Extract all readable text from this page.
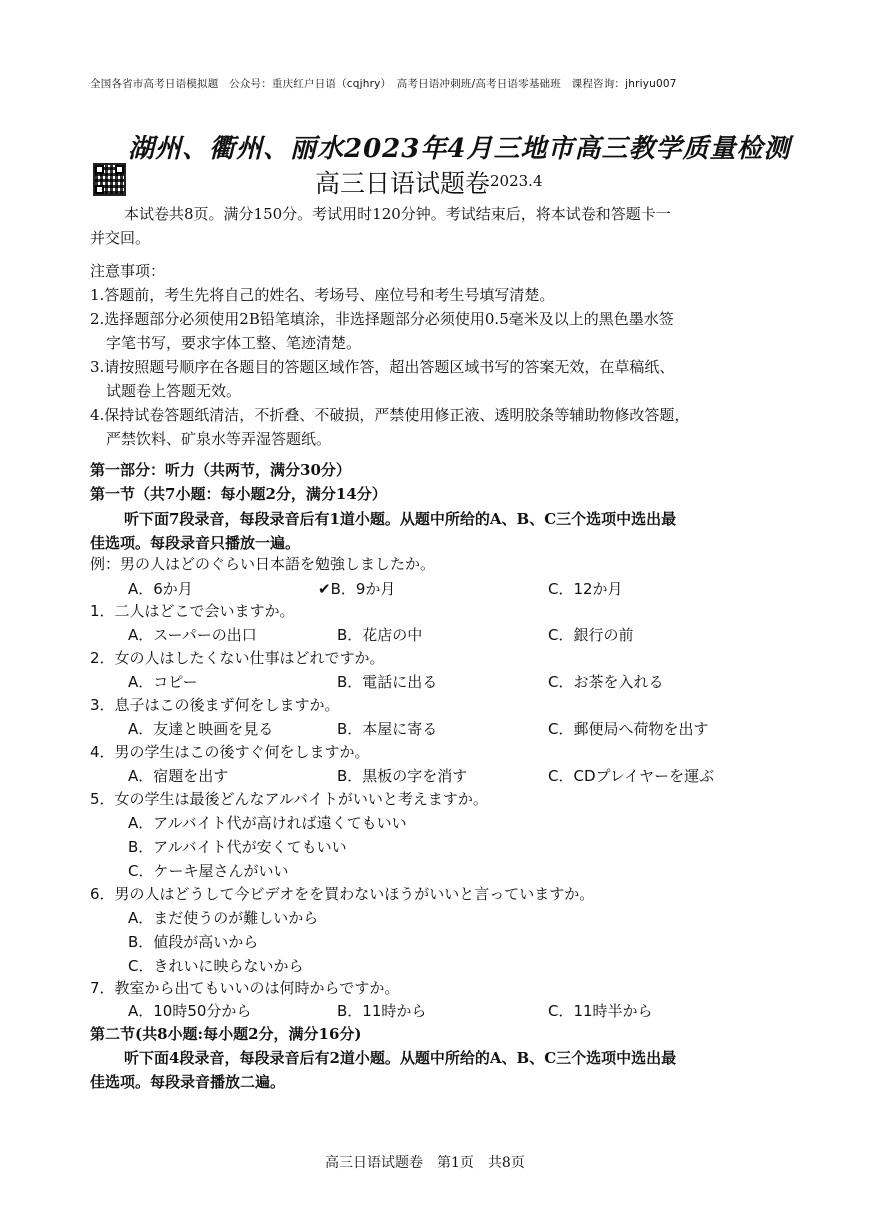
全国各省市高考日语模拟题　公众号：重庆红户日语（cqjhry）　高考日语冲刺班/高考日语零基础班　课程咨询：jhriyu007
湖州、衢州、丽水2023年4月三地市高三教学质量检测
高三日语试题卷 2023.4
本试卷共8页。满分150分。考试用时120分钟。考试结束后，将本试卷和答题卡一
并交回。
注意事项：
1.答题前，考生先将自己的姓名、考场号、座位号和考生号填写清楚。
2.选择题部分必须使用2B铅笔填涂，非选择题部分必须使用0.5毫米及以上的黑色墨水签
字笔书写，要求字体工整、笔迹清楚。
3.请按照题号顺序在各题目的答题区域作答，超出答题区域书写的答案无效，在草稿纸、
试题卷上答题无效。
4.保持试卷答题纸清洁，不折叠、不破损，严禁使用修正液、透明胶条等辅助物修改答题，
严禁饮料、矿泉水等弄湿答题纸。
第一部分：听力（共两节，满分30分）
第一节（共7小题：每小题2分，满分14分）
听下面7段录音，每段录音后有1道小题。从题中所给的A、B、C三个选项中选出最
佳选项。每段录音只播放一遍。
例：男の人はどのぐらい日本語を勉強しましたか。
A．6か月	✔B．9か月	C．12か月
1．二人はどこで会いますか。
A．スーパーの出口	B．花店の中	C．銀行の前
2．女の人はしたくない仕事はどれですか。
A．コピー	B．電話に出る	C．お茶を入れる
3．息子はこの後まず何をしますか。
A．友達と映画を見る	B．本屋に寄る	C．郵便局へ荷物を出す
4．男の学生はこの後すぐ何をしますか。
A．宿題を出す	B．黒板の字を消す	C．CDプレイヤーを運ぶ
5．女の学生は最後どんなアルバイトがいいと考えますか。
A．アルバイト代が高ければ遠くてもいい
B．アルバイト代が安くてもいい
C．ケーキ屋さんがいい
6．男の人はどうして今ビデオをを買わないほうがいいと言っていますか。
A．まだ使うのが難しいから
B．値段が高いから
C．きれいに映らないから
7．教室から出てもいいのは何時からですか。
A．10時50分から	B．11時から	C．11時半から
第二节(共8小题:每小题2分，满分16分)
听下面4段录音，每段录音后有2道小题。从题中所给的A、B、C三个选项中选出最
佳选项。每段录音播放二遍。
高三日语试题卷　第1页　共8页
